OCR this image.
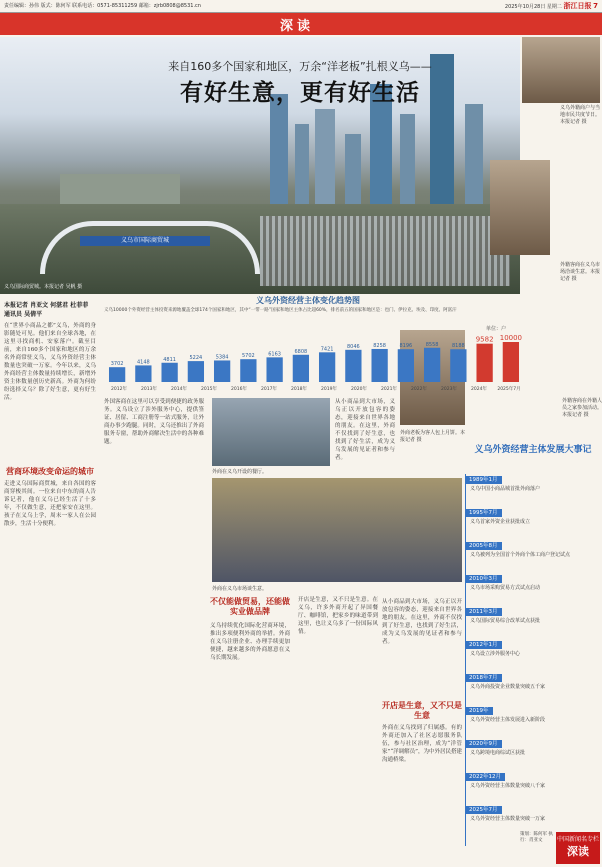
责任编辑：孙伟 版式：陈何军 联系电话：0571-85311259 邮箱：zjrb0808@8531.cn	2025年10月28日 星期二 浙江日报 7
深读
义乌市国际商贸城
来自160多个国家和地区，万余“洋老板”扎根义乌——
有好生意，更有好生活
义乌国际商贸城。本报记者 吴帆 摄
义乌外籍商户与当地市民共度节日。本报记者 摄
外籍客商在义乌市场洽谈生意。本报记者 摄
外籍客商在外籍人员之家参加活动。本报记者 摄
外商老板为客人包上月饼。本报记者 摄
本报记者 肖亚文 何湛君 杜菲菲
通讯员 吴倩平
义乌外资经营主体变化趋势图
义乌10000个外资经营主体投资来源地覆盖全球174个国家和地区，其中“一带一路”国家和地区主体占比超60%，排名前五的国家和地区是：也门、伊拉克、埃及、印度、阿富汗
单位：户
3702	4148	4811	5224	5384	5702	6163	6808	7421	8046	8258	8196	8558	8188
9582 10000
2012年	2013年	2014年	2015年	2016年	2017年	2018年	2019年	2020年	2021年	2022年	2023年	2024年 2025年7月
在“世界小商品之都”义乌，外商的身影随处可见。他们来自全球各地，在这里寻找商机、安家落户。截至目前，来自160多个国家和地区的万余名外商常驻义乌，义乌外资经营主体数量也突破一万家。今年以来，义乌外商经营主体数量持续增长，新增外资主体数量创历史新高。外商为何纷纷选择义乌？除了好生意，更有好生活。
营商环境改变命运的城市
走进义乌国际商贸城，来自各国的客商穿梭其间。一位来自中东的商人告诉记者，他在义乌已经生活了十多年，不仅做生意，还把家安在这里。孩子在义乌上学，周末一家人在公园散步，生活十分便利。
外国客商在这里可以享受到便捷的政务服务。义乌设立了涉外服务中心，提供签证、居留、工商注册等一站式服务，让外商办事少跑腿。同时，义乌还推出了外商服务专窗，帮助外商解决生活中的各种难题。
外商在义乌开设的餐厅。
外商在义乌市场谈生意。
从小商品到大市场，义乌正以开放包容的姿态，迎接来自世界各地的朋友。在这里，外商不仅找到了好生意，也找到了好生活，成为义乌发展的见证者和参与者。
不仅能做贸易，还能做实业做品牌
义乌持续优化国际化营商环境，推出多项便利外商的举措。外商在义乌注册企业、办理手续更加便捷，越来越多的外商愿意在义乌长期发展。
开店是生意，又不只是生意。在义乌，许多外商开起了异国餐厅、咖啡馆，把家乡的味道带到这里，也让义乌多了一份国际风情。
开店是生意，又不只是生意
外商在义乌找到了归属感。有的外商还加入了社区志愿服务队伍，参与社区治理，成为“洋管家”“洋调解员”，为中外居民搭建沟通桥梁。
从小商品到大市场，义乌正以开放包容的姿态，迎接来自世界各地的朋友。在这里，外商不仅找到了好生意，也找到了好生活，成为义乌发展的见证者和参与者。
义乌外资经营主体发展大事记
1989年1月
义乌中国小商品城首批外商落户
1995年7月
义乌首家外资企业获批成立
2005年8月
义乌被列为全国首个外商个体工商户登记试点
2010年3月
义乌市场采购贸易方式试点启动
2011年3月
义乌国际贸易综合改革试点获批
2012年1月
义乌设立涉外服务中心
2018年7月
义乌外商投资企业数量突破五千家
2019年
义乌外资经营主体发展进入新阶段
2020年9月
义乌跨境电商综试区获批
2022年12月
义乌外资经营主体数量突破八千家
2025年7月
义乌外资经营主体数量突破一万家
策划：陈何军 执行：肖亚文	中国新闻名专栏
深读
